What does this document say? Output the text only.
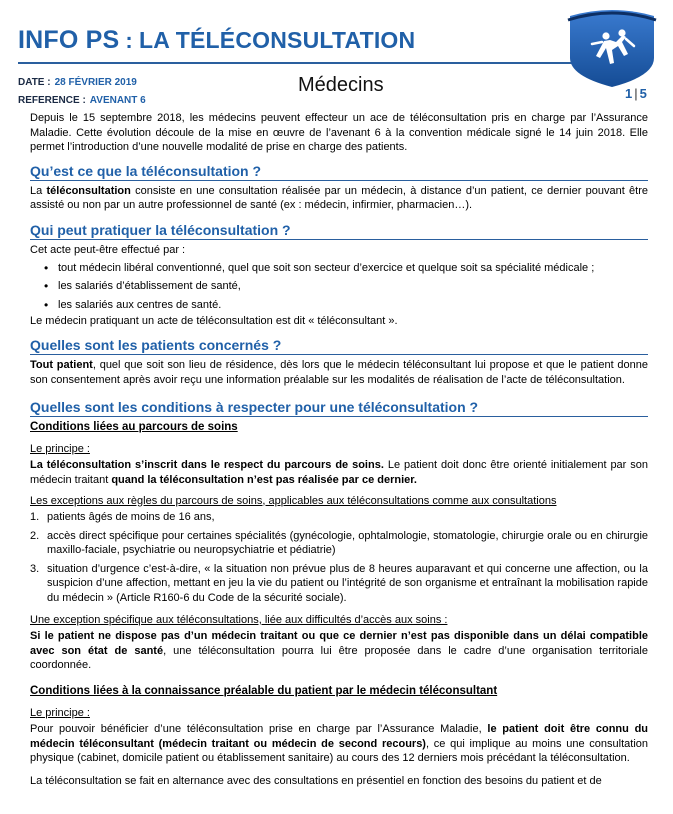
INFO PS : LA TÉLÉCONSULTATION
DATE : 28 FÉVRIER 2019
REFERENCE : AVENANT 6
Médecins	1 | 5

Depuis le 15 septembre 2018, les médecins peuvent effecteur un ace de téléconsultation pris en charge par l’Assurance Maladie. Cette évolution découle de la mise en œuvre de l’avenant 6 à la convention médicale signé le 14 juin 2018. Elle permet l’introduction d’une nouvelle modalité de prise en charge des patients.

Qu’est ce que la téléconsultation ?

La téléconsultation consiste en une consultation réalisée par un médecin, à distance d’un patient, ce dernier pouvant être assisté ou non par un autre professionnel de santé (ex : médecin, infirmier, pharmacien…).

Qui peut pratiquer la téléconsultation ?

Cet acte peut-être effectué par :

• tout médecin libéral conventionné, quel que soit son secteur d’exercice et quelque soit sa spécialité médicale ;
• les salariés d’établissement de santé,
• les salariés aux centres de santé.

Le médecin pratiquant un acte de téléconsultation est dit « téléconsultant ».

Quelles sont les patients concernés ?

Tout patient, quel que soit son lieu de résidence, dès lors que le médecin téléconsultant lui propose et que le patient donne son consentement après avoir reçu une information préalable sur les modalités de réalisation de l’acte de téléconsultation.

Quelles sont les conditions à respecter pour une téléconsultation ?
Conditions liées au parcours de soins

Le principe :

La téléconsultation s’inscrit dans le respect du parcours de soins. Le patient doit donc être orienté initialement par son médecin traitant quand la téléconsultation n’est pas réalisée par ce dernier.

Les exceptions aux règles du parcours de soins, applicables aux téléconsultations comme aux consultations

1. patients âgés de moins de 16 ans,
2. accès direct spécifique pour certaines spécialités (gynécologie, ophtalmologie, stomatologie, chirurgie orale ou en chirurgie maxillo-faciale, psychiatrie ou neuropsychiatrie et pédiatrie)
3. situation d’urgence c’est-à-dire, « la situation non prévue plus de 8 heures auparavant et qui concerne une affection, ou la suspicion d’une affection, mettant en jeu la vie du patient ou l’intégrité de son organisme et entraînant la mobilisation rapide du médecin » (Article R160-6 du Code de la sécurité sociale).

Une exception spécifique aux téléconsultations, liée aux difficultés d’accès aux soins :

Si le patient ne dispose pas d’un médecin traitant ou que ce dernier n’est pas disponible dans un délai compatible avec son état de santé, une téléconsultation pourra lui être proposée dans le cadre d’une organisation territoriale coordonnée.

Conditions liées à la connaissance préalable du patient par le médecin téléconsultant

Le principe :

Pour pouvoir bénéficier d’une téléconsultation prise en charge par l’Assurance Maladie, le patient doit être connu du médecin téléconsultant (médecin traitant ou médecin de second recours), ce qui implique au moins une consultation physique (cabinet, domicile patient ou établissement sanitaire) au cours des 12 derniers mois précédant la téléconsultation.

La téléconsultation se fait en alternance avec des consultations en présentiel en fonction des besoins du patient et de
